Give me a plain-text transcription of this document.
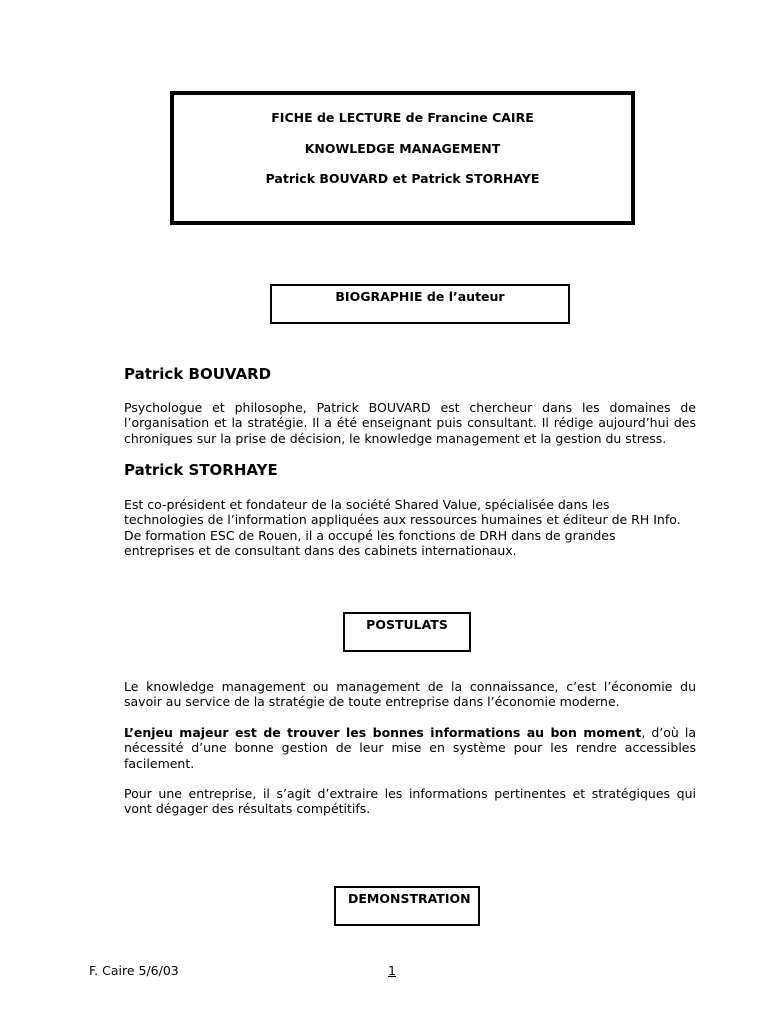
FICHE de LECTURE de Francine CAIRE
KNOWLEDGE MANAGEMENT
Patrick BOUVARD et Patrick STORHAYE
BIOGRAPHIE de l’auteur
Patrick BOUVARD
Psychologue et philosophe, Patrick BOUVARD est chercheur dans les domaines de
l’organisation et la stratégie. Il a été enseignant puis consultant. Il rédige aujourd’hui des
chroniques sur la prise de décision, le knowledge management et la gestion du stress.
Patrick STORHAYE
Est co-président et fondateur de la société Shared Value, spécialisée dans les
technologies de l’information appliquées aux ressources humaines et éditeur de RH Info.
De formation ESC de Rouen, il a occupé les fonctions de DRH dans de grandes
entreprises et de consultant dans des cabinets internationaux.
POSTULATS
Le knowledge management ou management de la connaissance, c’est l’économie du
savoir au service de la stratégie de toute entreprise dans l’économie moderne.
L’enjeu majeur est de trouver les bonnes informations au bon moment, d’où la
nécessité d’une bonne gestion de leur mise en système pour les rendre accessibles
facilement.
Pour une entreprise, il s’agit d’extraire les informations pertinentes et stratégiques qui
vont dégager des résultats compétitifs.
DEMONSTRATION
F. Caire 5/6/03	1
